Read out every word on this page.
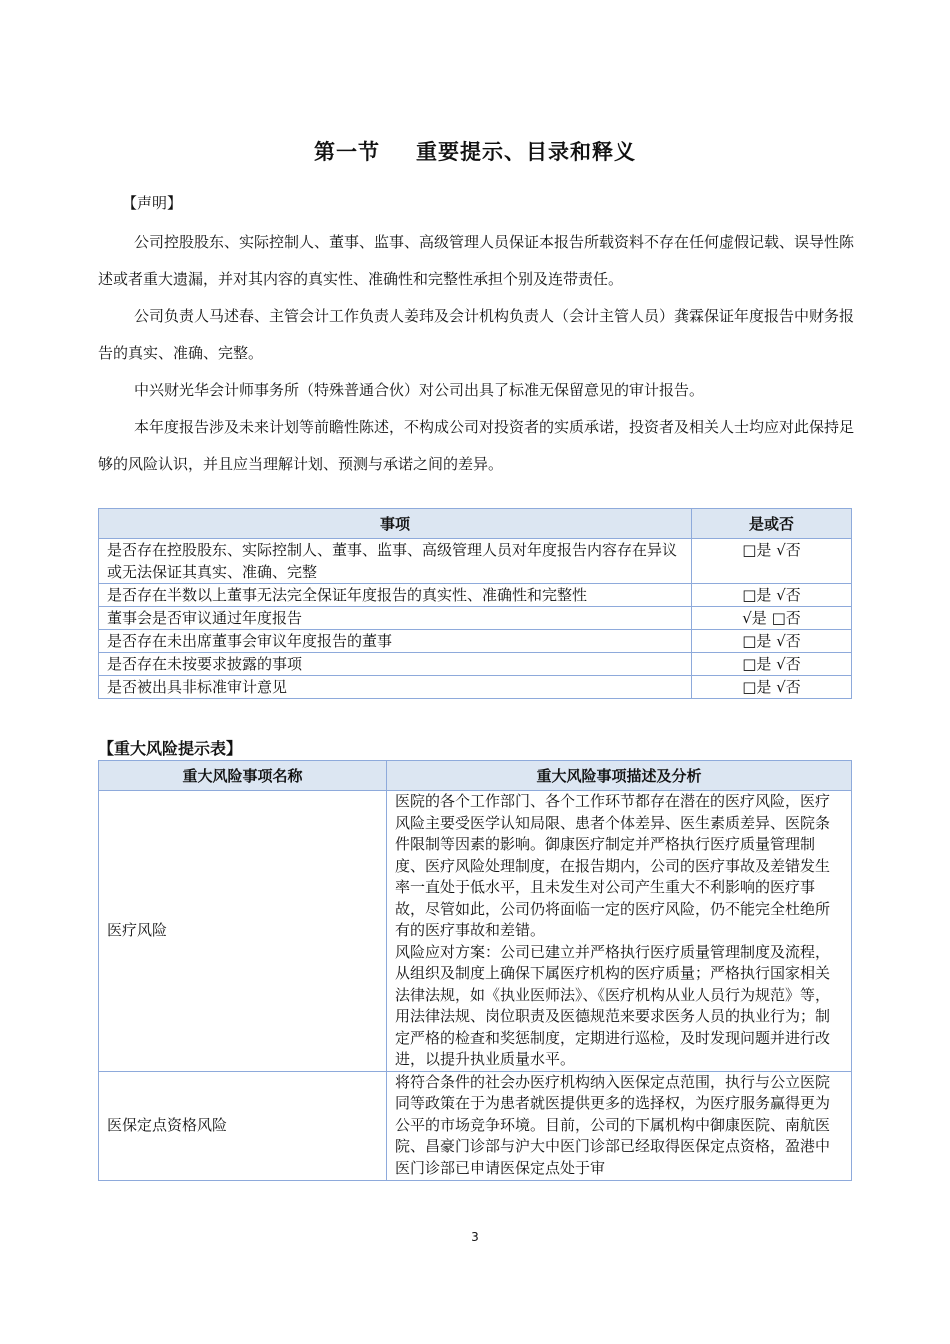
第一节 重要提示、目录和释义
【声明】

公司控股股东、实际控制人、董事、监事、高级管理人员保证本报告所载资料不存在任何虚假记载、误导性陈述或者重大遗漏，并对其内容的真实性、准确性和完整性承担个别及连带责任。

公司负责人马述春、主管会计工作负责人姜玮及会计机构负责人（会计主管人员）龚霖保证年度报告中财务报告的真实、准确、完整。

中兴财光华会计师事务所（特殊普通合伙）对公司出具了标准无保留意见的审计报告。

本年度报告涉及未来计划等前瞻性陈述，不构成公司对投资者的实质承诺，投资者及相关人士均应对此保持足够的风险认识，并且应当理解计划、预测与承诺之间的差异。

事项	是或否
是否存在控股股东、实际控制人、董事、监事、高级管理人员对年度报告内容存在异议或无法保证其真实、准确、完整	□是 √否
是否存在半数以上董事无法完全保证年度报告的真实性、准确性和完整性	□是 √否
董事会是否审议通过年度报告	√是 □否
是否存在未出席董事会审议年度报告的董事	□是 √否
是否存在未按要求披露的事项	□是 √否
是否被出具非标准审计意见	□是 √否
【重大风险提示表】
重大风险事项名称	重大风险事项描述及分析
医疗风险	医院的各个工作部门、各个工作环节都存在潜在的医疗风险，医疗风险主要受医学认知局限、患者个体差异、医生素质差异、医院条件限制等因素的影响。御康医疗制定并严格执行医疗质量管理制度、医疗风险处理制度，在报告期内，公司的医疗事故及差错发生率一直处于低水平，且未发生对公司产生重大不利影响的医疗事故，尽管如此，公司仍将面临一定的医疗风险，仍不能完全杜绝所有的医疗事故和差错。
风险应对方案：公司已建立并严格执行医疗质量管理制度及流程，从组织及制度上确保下属医疗机构的医疗质量；严格执行国家相关法律法规，如《执业医师法》、《医疗机构从业人员行为规范》等，用法律法规、岗位职责及医德规范来要求医务人员的执业行为；制定严格的检查和奖惩制度，定期进行巡检，及时发现问题并进行改进，以提升执业质量水平。

医保定点资格风险	将符合条件的社会办医疗机构纳入医保定点范围，执行与公立医院同等政策在于为患者就医提供更多的选择权，为医疗服务赢得更为公平的市场竞争环境。目前，公司的下属机构中御康医院、南航医院、昌豪门诊部与沪大中医门诊部已经取得医保定点资格，盈港中医门诊部已申请医保定点处于审
3
